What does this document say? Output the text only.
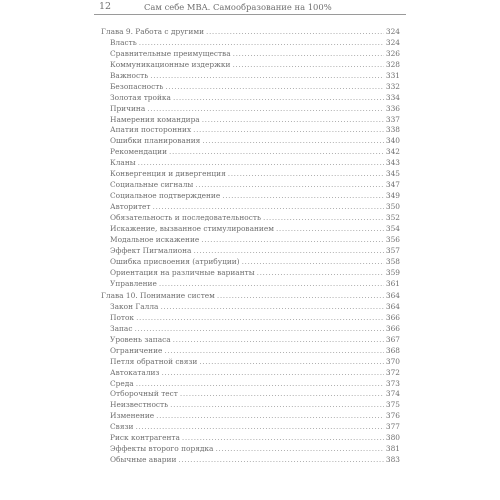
12	Сам себе MBA. Самообразование на 100%
Глава 9. Работа с другими .....	324
Власть .....	324
Сравнительные преимущества .....	326
Коммуникационные издержки .....	328
Важность .....	331
Безопасность .....	332
Золотая тройка .....	334
Причина .....	336
Намерения командира .....	337
Апатия посторонних .....	338
Ошибки планирования .....	340
Рекомендации .....	342
Кланы .....	343
Конвергенция и дивергенция .....	345
Социальные сигналы .....	347
Социальное подтверждение .....	349
Авторитет .....	350
Обязательность и последовательность .....	352
Искажение, вызванное стимулированием .....	354
Модальное искажение .....	356
Эффект Пигмалиона .....	357
Ошибка присвоения (атрибуции) .....	358
Ориентация на различные варианты .....	359
Управление .....	361
Глава 10. Понимание систем .....	364
Закон Галла .....	364
Поток .....	366
Запас .....	366
Уровень запаса .....	367
Ограничение .....	368
Петля обратной связи .....	370
Автокатализ .....	372
Среда .....	373
Отборочный тест .....	374
Неизвестность .....	375
Изменение .....	376
Связи .....	377
Риск контрагента .....	380
Эффекты второго порядка .....	381
Обычные аварии .....	383
